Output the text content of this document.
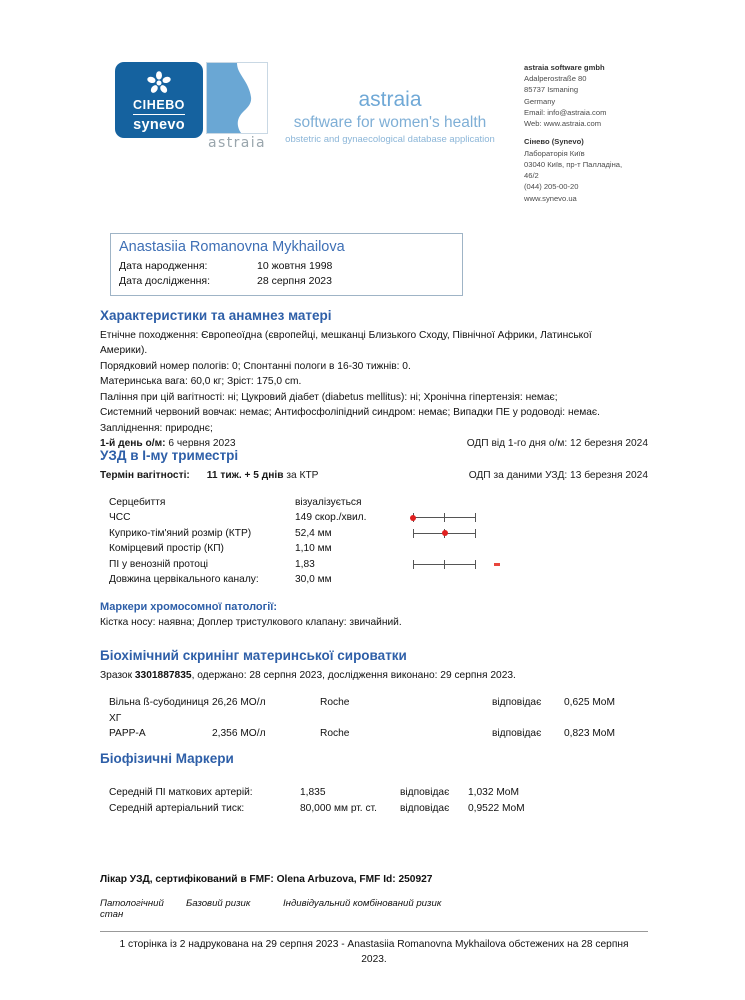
СІНЕВО
synevo
astraia
astraia
software for women's health
obstetric and gynaecological database application
astraia software gmbh
Adalperostraße 80
85737 Ismaning
Germany
Email: info@astraia.com
Web: www.astraia.com
Сінево (Synevo)
Лабораторія Київ
03040 Київ, пр-т Палладіна,
46/2
(044) 205-00-20
www.synevo.ua
Anastasiia Romanovna Mykhailova
Дата народження:	10 жовтня 1998
Дата дослідження:	28 серпня 2023
Характеристики та анамнез матері
Етнічне походження: Європеоїдна (європейці, мешканці Близького Сходу, Північної Африки, Латинської
Америки).
Порядковий номер пологів: 0; Спонтанні пологи в 16-30 тижнів: 0.
Материнська вага: 60,0 кг; Зріст: 175,0 cm.
Паління при цій вагітності: ні; Цукровий діабет (diabetus mellitus): ні; Хронічна гіпертензія: немає;
Системний червоний вовчак: немає; Антифосфоліпідний синдром: немає; Випадки ПЕ у родоводі: немає.
Запліднення: природнє;
1-й день о/м: 6 червня 2023	ОДП від 1-го дня о/м: 12 березня 2024
УЗД в I-му триместрі
Термін вагітності: 11 тиж. + 5 днів за КТР	ОДП за даними УЗД: 13 березня 2024
Серцебиття	візуалізується
ЧСС	149 скор./хвил.
Куприко-тім'яний розмір (КТР)	52,4 мм
Комірцевий простір (КП)	1,10 мм
ПІ у венозній протоці	1,83
Довжина цервікального каналу:	30,0 мм
Маркери хромосомної патології:
Кістка носу: наявна; Доплер тристулкового клапану: звичайний.
Біохімічний скринінг материнської сироватки
Зразок 3301887835, одержано: 28 серпня 2023, дослідження виконано: 29 серпня 2023.
Вільна ß-субодиниця
ХГ
26,26 МО/л	Roche	відповідає	0,625 MoM
PAPP-A	2,356 МО/л	Roche	відповідає	0,823 MoM
Біофізичні Маркери
Середній ПІ маткових артерій:	1,835	відповідає	1,032 MoM
Середній артеріальний тиск:	80,000 мм рт. ст.	відповідає	0,9522 MoM
Лікар УЗД, сертифікований в FMF: Olena Arbuzova, FMF Id: 250927
Патологічний стан
Базовий ризик	Індивідуальний комбінований ризик
1 сторінка із 2 надрукована на 29 серпня 2023 - Anastasiia Romanovna Mykhailova обстежених на 28 серпня 2023.
